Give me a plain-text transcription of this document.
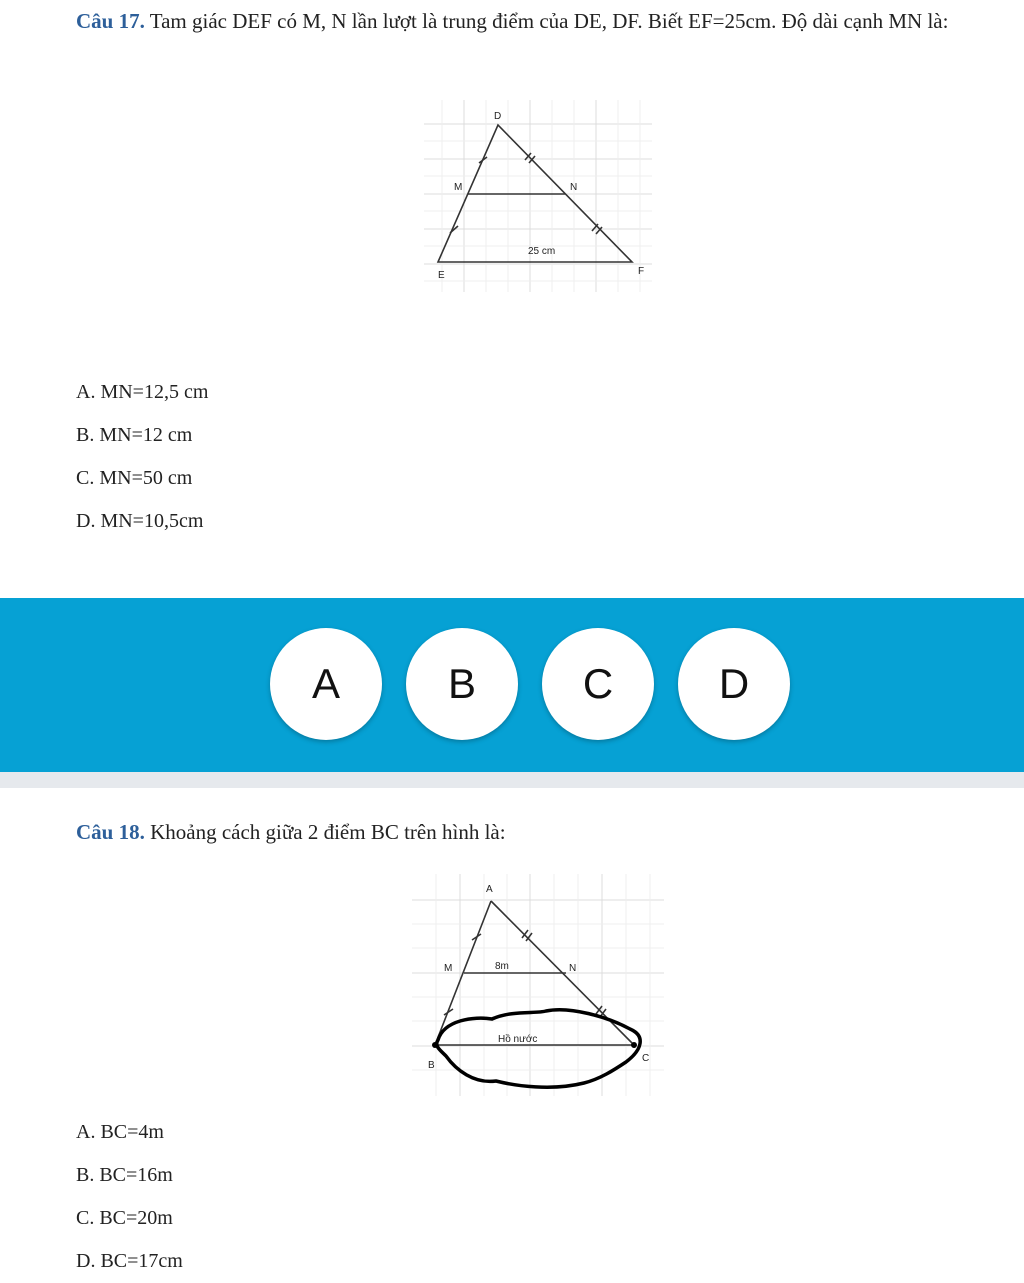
Câu 17. Tam giác DEF có M, N lần lượt là trung điểm của DE, DF. Biết EF=25cm. Độ dài cạnh MN là:
D
M	N
E	F
25 cm
A. MN=12,5 cm
B. MN=12 cm
C. MN=50 cm
D. MN=10,5cm
A	B	C	D
Câu 18. Khoảng cách giữa 2 điểm BC trên hình là:
A
M	N
8m
B
C
Hồ nước
A. BC=4m
B. BC=16m
C. BC=20m
D. BC=17cm
